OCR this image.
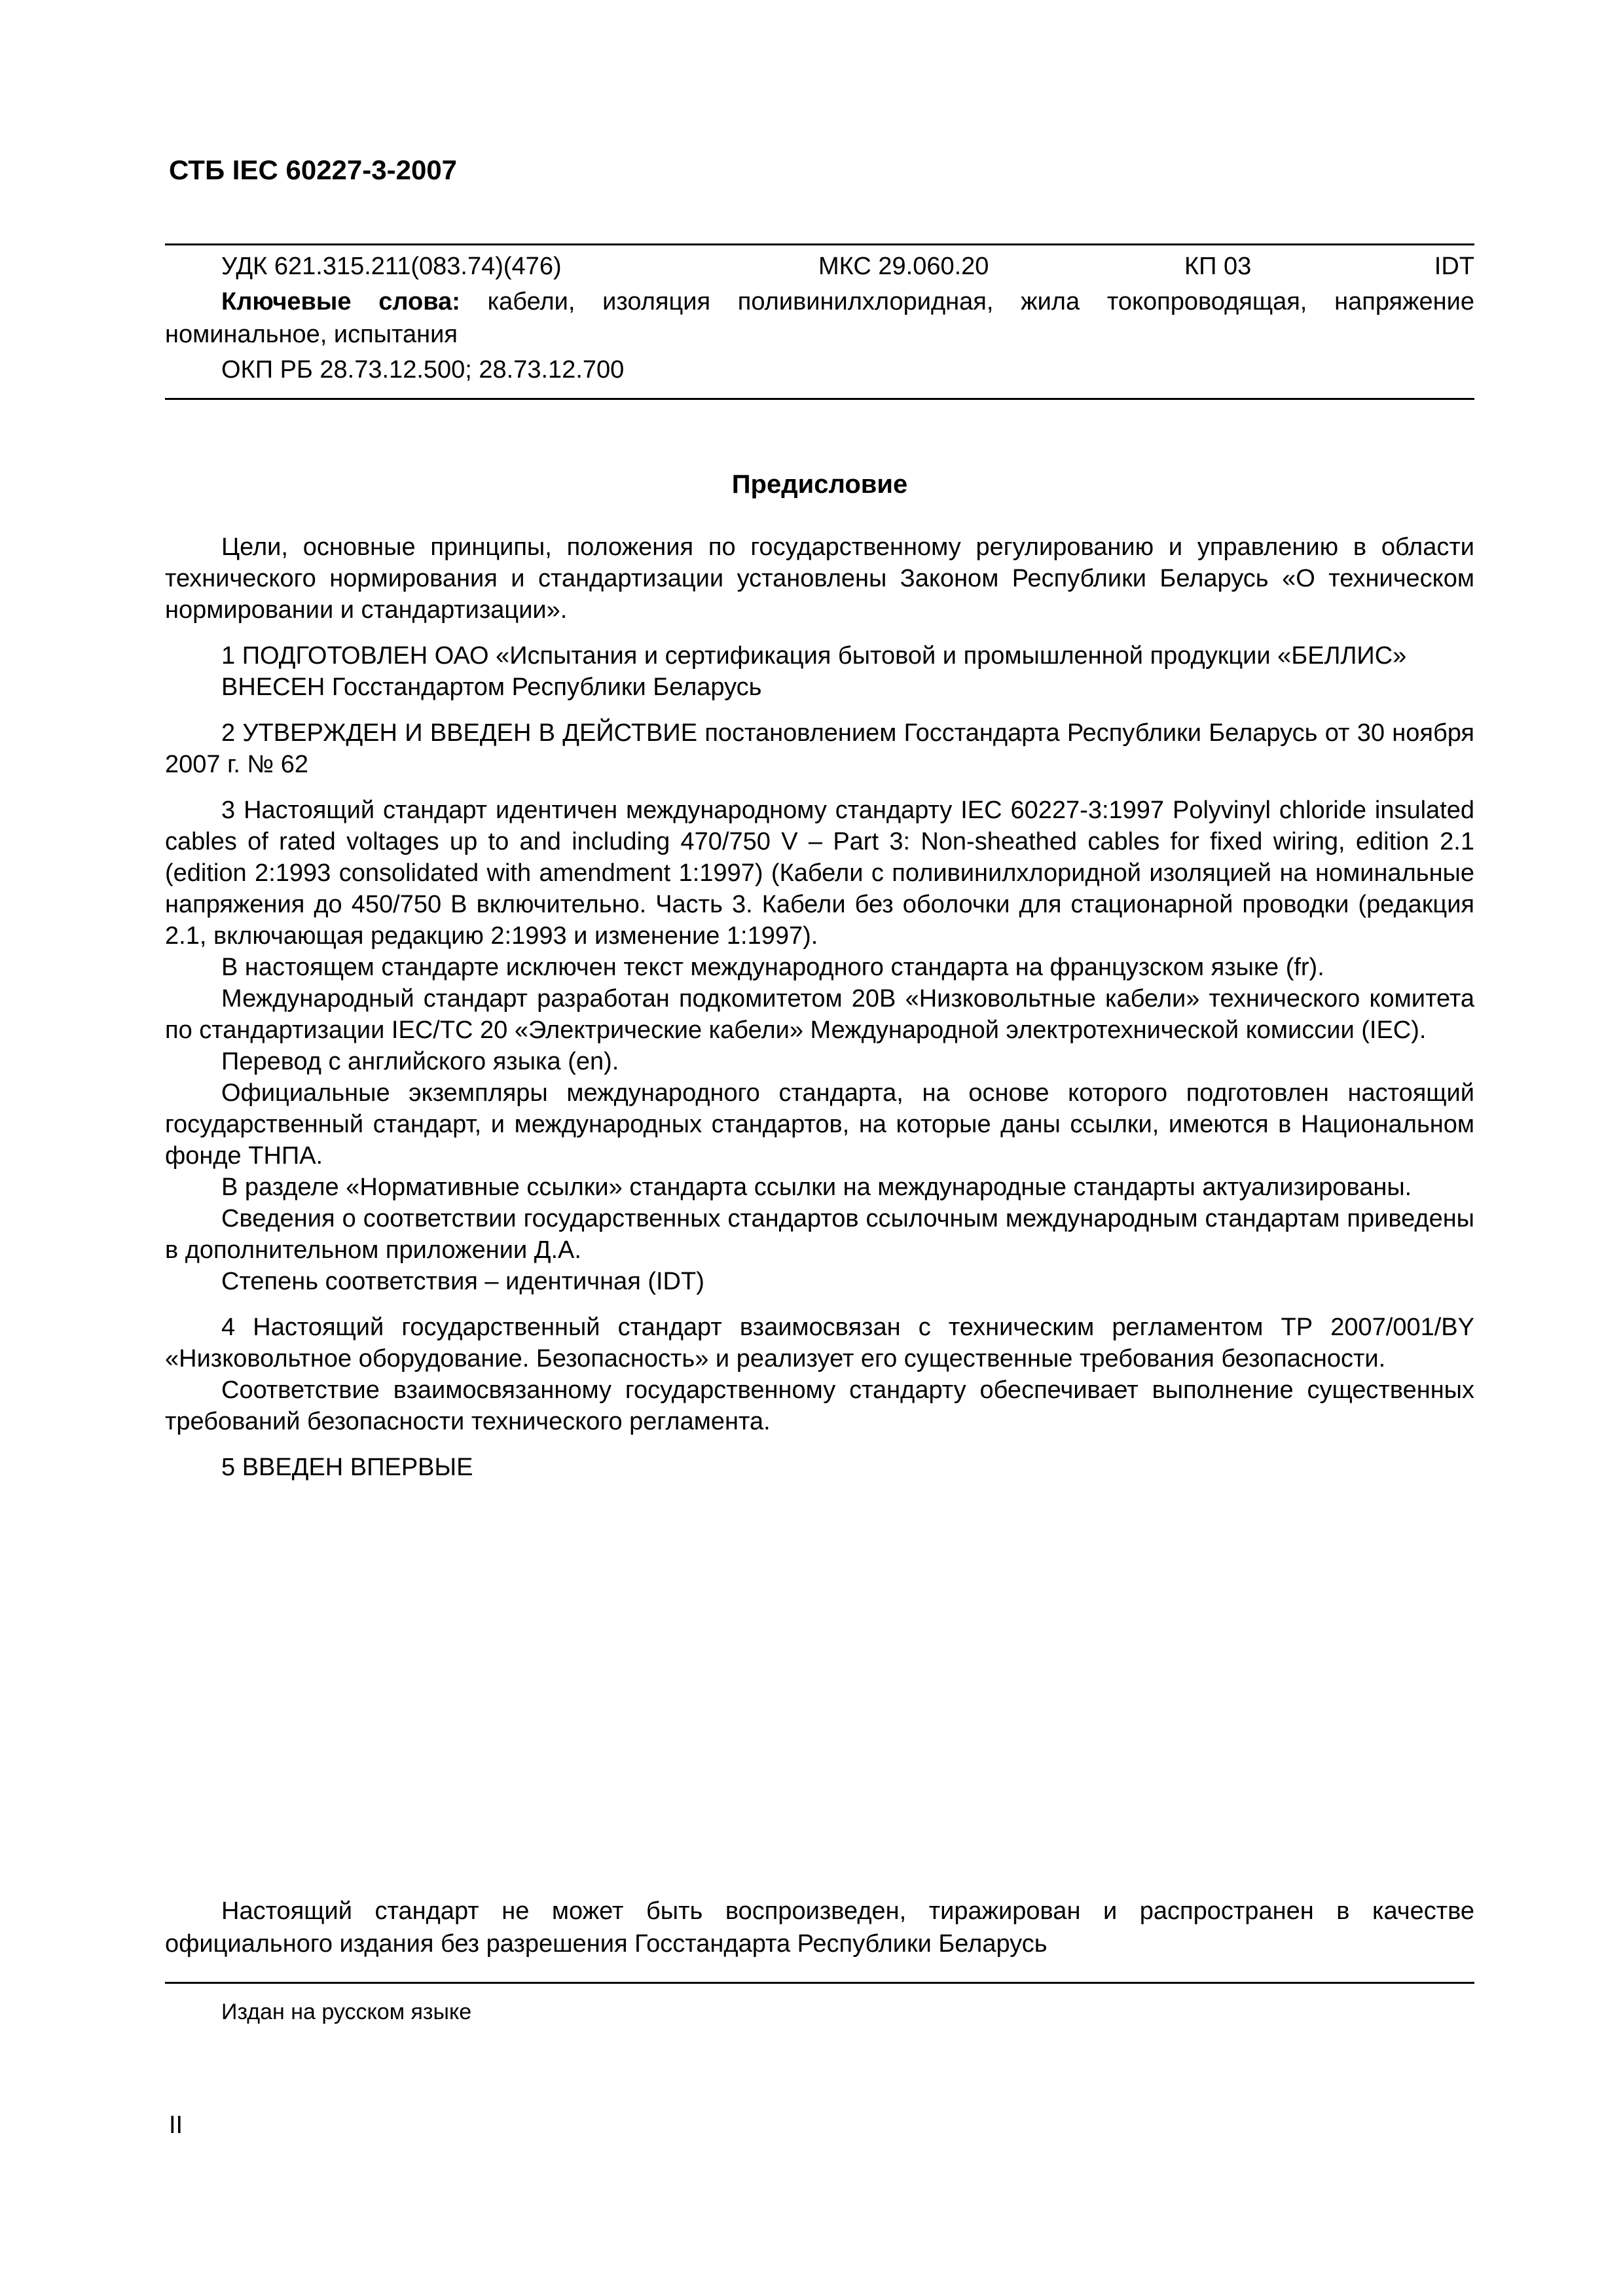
СТБ IEC 60227-3-2007
УДК 621.315.211(083.74)(476)	МКС 29.060.20	КП 03	IDT
Ключевые слова: кабели, изоляция поливинилхлоридная, жила токопроводящая, напряжение номинальное, испытания
ОКП РБ 28.73.12.500; 28.73.12.700
Предисловие

Цели, основные принципы, положения по государственному регулированию и управлению в области технического нормирования и стандартизации установлены Законом Республики Беларусь «О техническом нормировании и стандартизации».

1 ПОДГОТОВЛЕН ОАО «Испытания и сертификация бытовой и промышленной продукции «БЕЛЛИС»

ВНЕСЕН Госстандартом Республики Беларусь

2 УТВЕРЖДЕН И ВВЕДЕН В ДЕЙСТВИЕ постановлением Госстандарта Республики Беларусь от 30 ноября 2007 г. № 62

3 Настоящий стандарт идентичен международному стандарту IEC 60227-3:1997 Polyvinyl chloride insulated cables of rated voltages up to and including 470/750 V – Part 3: Non-sheathed cables for fixed wiring, edition 2.1 (edition 2:1993 consolidated with amendment 1:1997) (Кабели с поливинилхлоридной изоляцией на номинальные напряжения до 450/750 В включительно. Часть 3. Кабели без оболочки для стационарной проводки (редакция 2.1, включающая редакцию 2:1993 и изменение 1:1997).

В настоящем стандарте исключен текст международного стандарта на французском языке (fr).

Международный стандарт разработан подкомитетом 20В «Низковольтные кабели» технического комитета по стандартизации IEC/TC 20 «Электрические кабели» Международной электротехнической комиссии (IEC).

Перевод с английского языка (en).

Официальные экземпляры международного стандарта, на основе которого подготовлен настоящий государственный стандарт, и международных стандартов, на которые даны ссылки, имеются в Национальном фонде ТНПА.

В разделе «Нормативные ссылки» стандарта ссылки на международные стандарты актуализированы.

Сведения о соответствии государственных стандартов ссылочным международным стандартам приведены в дополнительном приложении Д.А.

Степень соответствия – идентичная (IDT)

4 Настоящий государственный стандарт взаимосвязан с техническим регламентом ТР 2007/001/BY «Низковольтное оборудование. Безопасность» и реализует его существенные требования безопасности.

Соответствие взаимосвязанному государственному стандарту обеспечивает выполнение существенных требований безопасности технического регламента.

5 ВВЕДЕН ВПЕРВЫЕ

Настоящий стандарт не может быть воспроизведен, тиражирован и распространен в качестве официального издания без разрешения Госстандарта Республики Беларусь

Издан на русском языке
II
